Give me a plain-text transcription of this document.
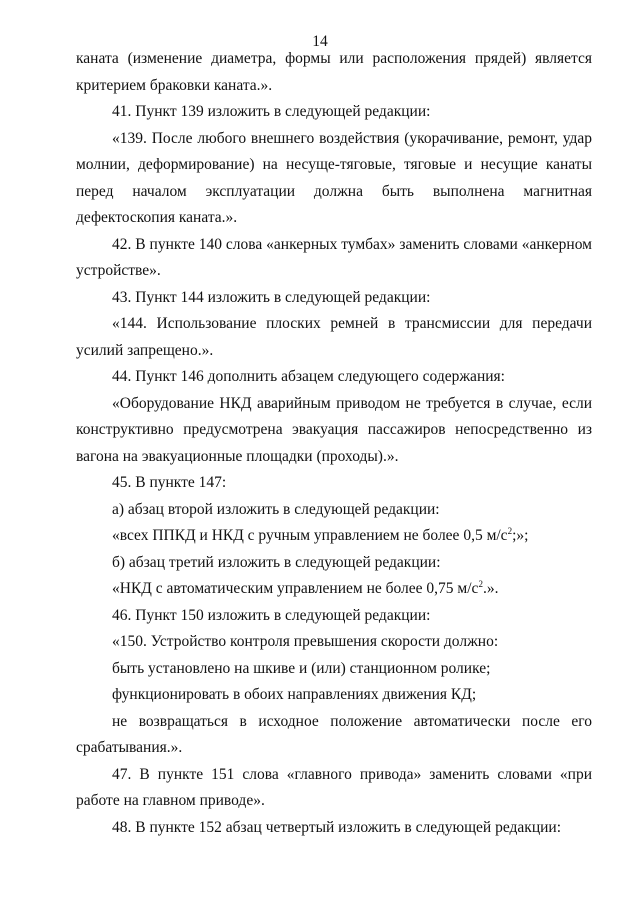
14

каната (изменение диаметра, формы или расположения прядей) является критерием браковки каната.».

41. Пункт 139 изложить в следующей редакции:

«139. После любого внешнего воздействия (укорачивание, ремонт, удар молнии, деформирование) на несуще-тяговые, тяговые и несущие канаты перед началом эксплуатации должна быть выполнена магнитная дефектоскопия каната.».

42. В пункте 140 слова «анкерных тумбах» заменить словами «анкерном устройстве».

43. Пункт 144 изложить в следующей редакции:

«144. Использование плоских ремней в трансмиссии для передачи усилий запрещено.».

44. Пункт 146 дополнить абзацем следующего содержания:

«Оборудование НКД аварийным приводом не требуется в случае, если конструктивно предусмотрена эвакуация пассажиров непосредственно из вагона на эвакуационные площадки (проходы).».

45. В пункте 147:

а) абзац второй изложить в следующей редакции:

«всех ППКД и НКД с ручным управлением не более 0,5 $м/с^2$;»;

б) абзац третий изложить в следующей редакции:

«НКД с автоматическим управлением не более 0,75 $м/с^2$.».

46. Пункт 150 изложить в следующей редакции:

«150. Устройство контроля превышения скорости должно:

быть установлено на шкиве и (или) станционном ролике;

функционировать в обоих направлениях движения КД;

не возвращаться в исходное положение автоматически после его срабатывания.».

47. В пункте 151 слова «главного привода» заменить словами «при работе на главном приводе».

48. В пункте 152 абзац четвертый изложить в следующей редакции:
